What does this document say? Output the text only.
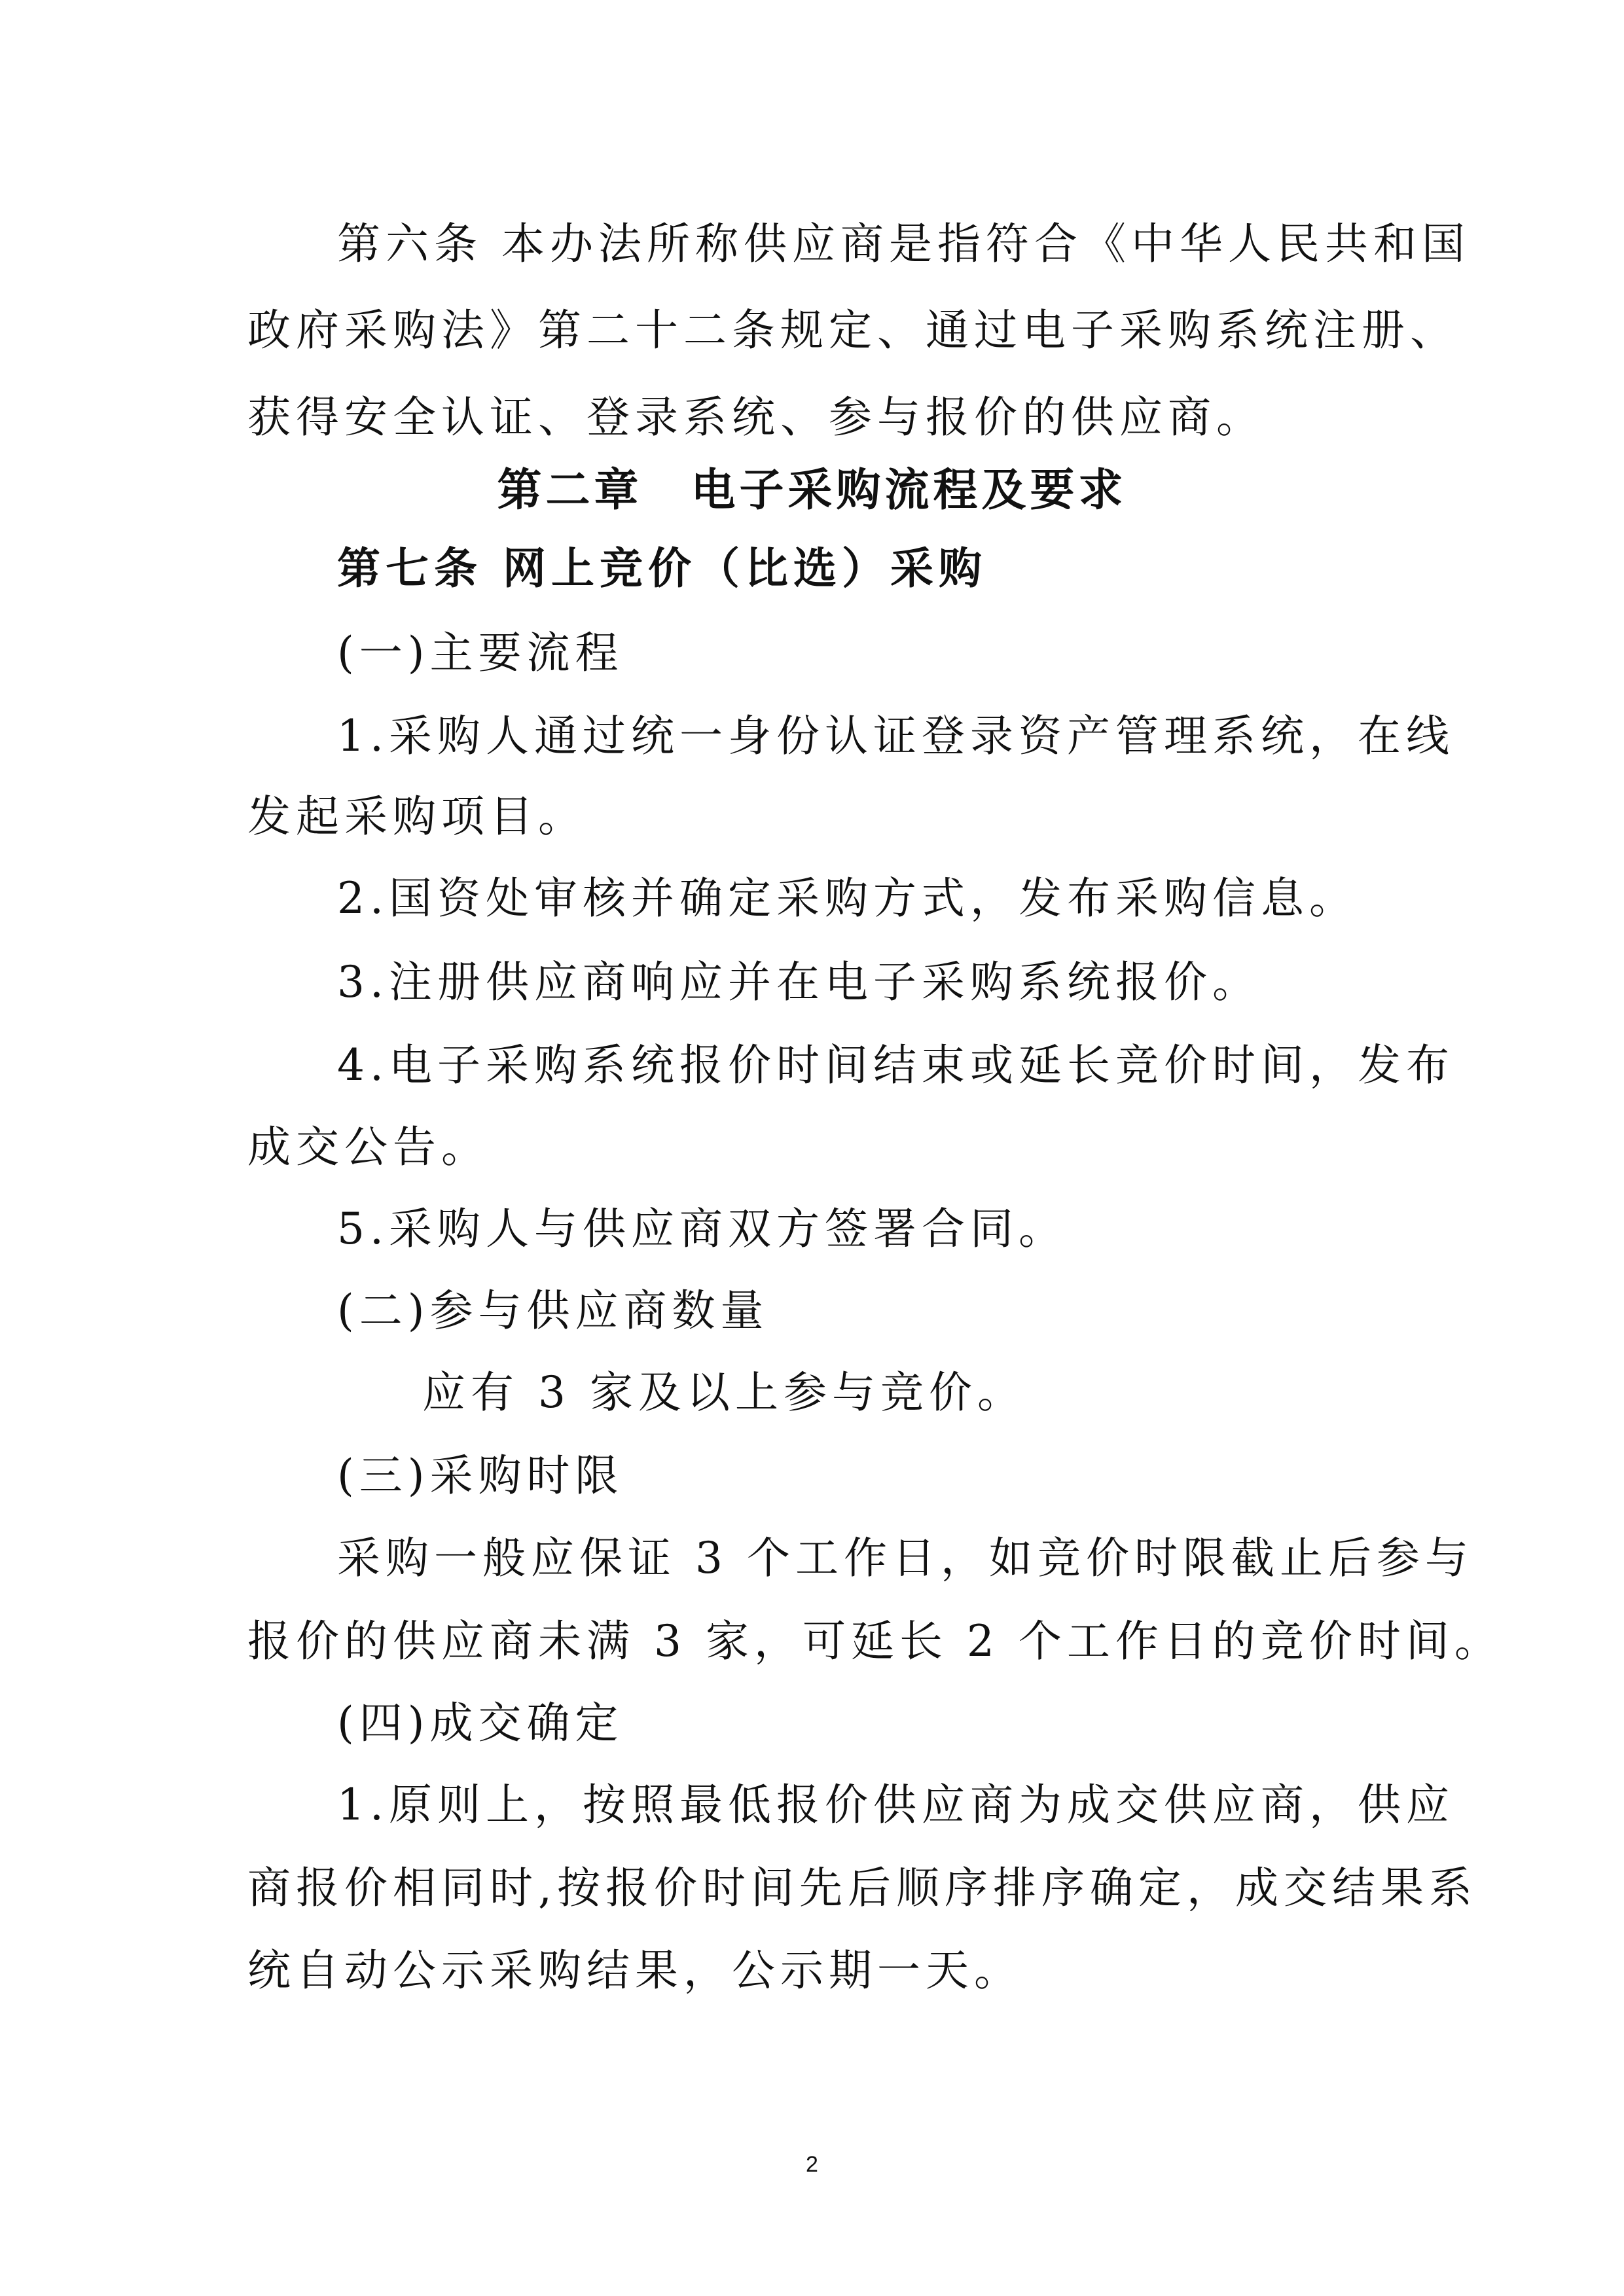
第六条 本办法所称供应商是指符合《中华人民共和国
政府采购法》第二十二条规定、通过电子采购系统注册、
获得安全认证、登录系统、参与报价的供应商。
第二章　电子采购流程及要求
第七条 网上竞价（比选）采购
(一)主要流程
1.采购人通过统一身份认证登录资产管理系统，在线
发起采购项目。
2.国资处审核并确定采购方式，发布采购信息。
3.注册供应商响应并在电子采购系统报价。
4.电子采购系统报价时间结束或延长竞价时间，发布
成交公告。
5.采购人与供应商双方签署合同。
(二)参与供应商数量
应有 3 家及以上参与竞价。
(三)采购时限
采购一般应保证 3 个工作日，如竞价时限截止后参与
报价的供应商未满 3 家，可延长 2 个工作日的竞价时间。
(四)成交确定
1.原则上，按照最低报价供应商为成交供应商，供应
商报价相同时,按报价时间先后顺序排序确定，成交结果系
统自动公示采购结果，公示期一天。
2
